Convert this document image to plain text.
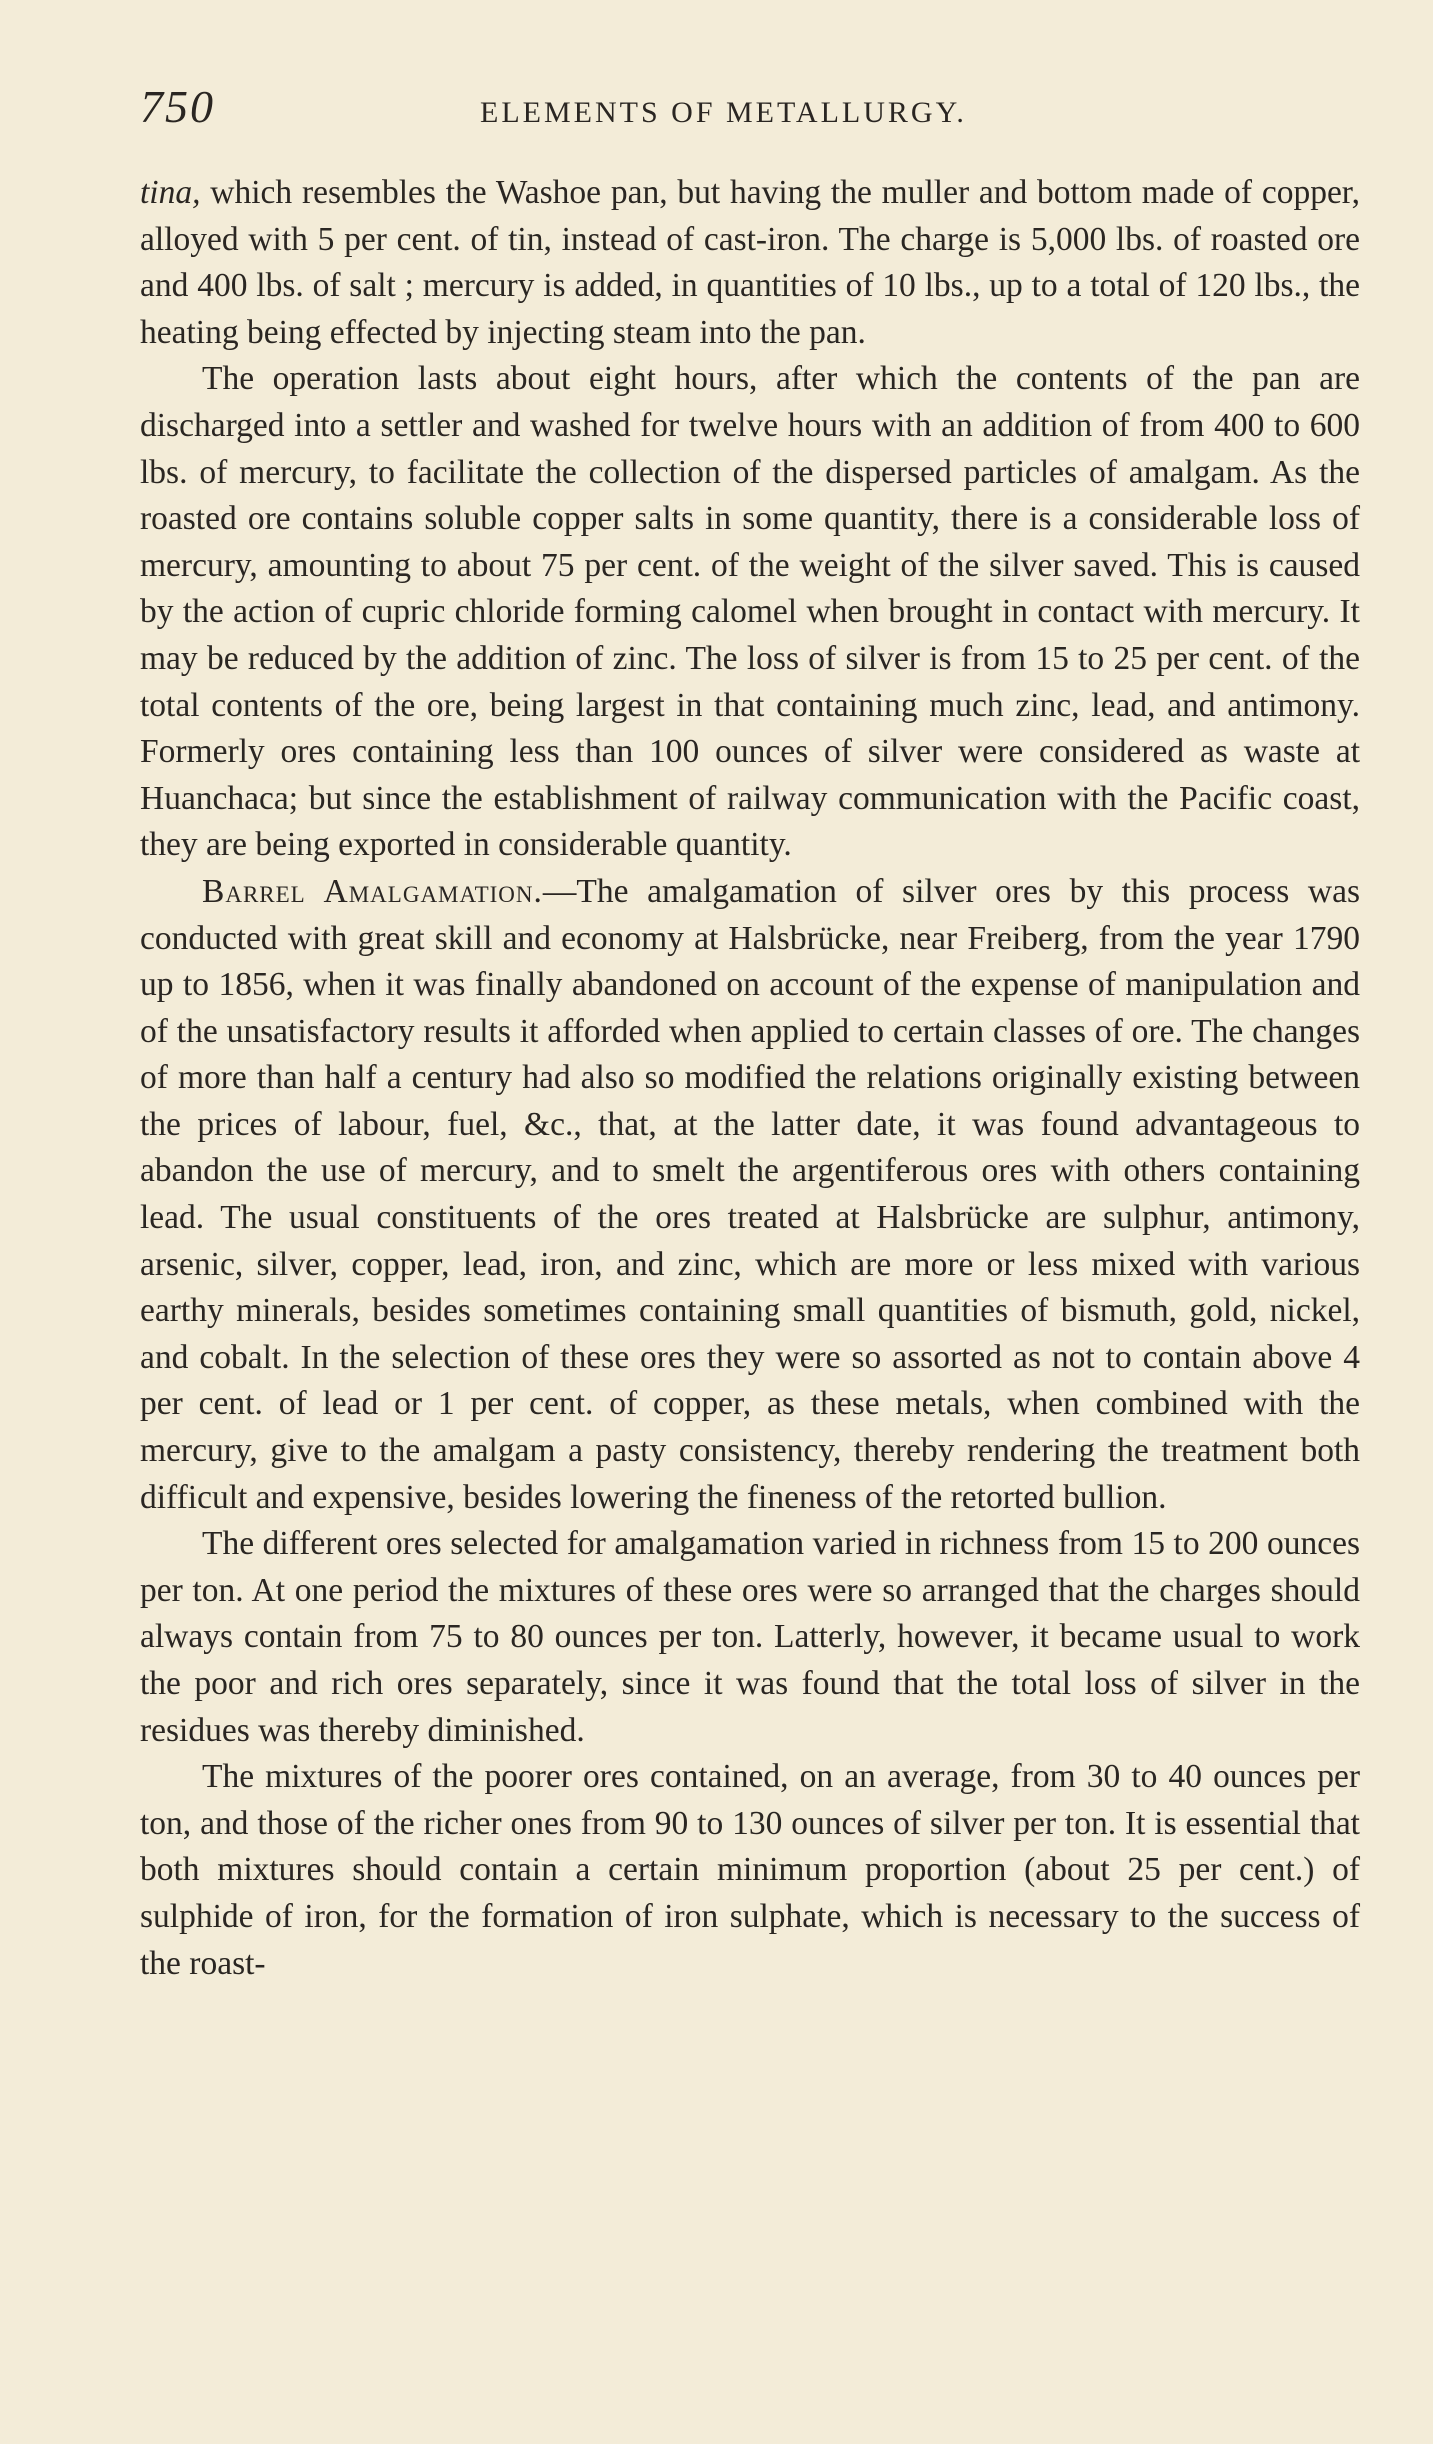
750	ELEMENTS OF METALLURGY.

tina, which resembles the Washoe pan, but having the muller and bottom made of copper, alloyed with 5 per cent. of tin, instead of cast-iron. The charge is 5,000 lbs. of roasted ore and 400 lbs. of salt ; mercury is added, in quantities of 10 lbs., up to a total of 120 lbs., the heating being effected by injecting steam into the pan.

The operation lasts about eight hours, after which the contents of the pan are discharged into a settler and washed for twelve hours with an addition of from 400 to 600 lbs. of mercury, to facilitate the collection of the dispersed particles of amalgam. As the roasted ore contains soluble copper salts in some quantity, there is a considerable loss of mercury, amounting to about 75 per cent. of the weight of the silver saved. This is caused by the action of cupric chloride forming calomel when brought in contact with mercury. It may be reduced by the addition of zinc. The loss of silver is from 15 to 25 per cent. of the total contents of the ore, being largest in that containing much zinc, lead, and antimony. Formerly ores containing less than 100 ounces of silver were considered as waste at Huanchaca; but since the establishment of railway communication with the Pacific coast, they are being exported in considerable quantity.

Barrel Amalgamation.—The amalgamation of silver ores by this process was conducted with great skill and economy at Halsbrücke, near Freiberg, from the year 1790 up to 1856, when it was finally abandoned on account of the expense of manipulation and of the unsatisfactory results it afforded when applied to certain classes of ore. The changes of more than half a century had also so modified the relations originally existing between the prices of labour, fuel, &c., that, at the latter date, it was found advantageous to abandon the use of mercury, and to smelt the argentiferous ores with others containing lead. The usual constituents of the ores treated at Halsbrücke are sulphur, antimony, arsenic, silver, copper, lead, iron, and zinc, which are more or less mixed with various earthy minerals, besides sometimes containing small quantities of bismuth, gold, nickel, and cobalt. In the selection of these ores they were so assorted as not to contain above 4 per cent. of lead or 1 per cent. of copper, as these metals, when combined with the mercury, give to the amalgam a pasty consistency, thereby rendering the treatment both difficult and expensive, besides lowering the fineness of the retorted bullion.

The different ores selected for amalgamation varied in richness from 15 to 200 ounces per ton. At one period the mixtures of these ores were so arranged that the charges should always contain from 75 to 80 ounces per ton. Latterly, however, it became usual to work the poor and rich ores separately, since it was found that the total loss of silver in the residues was thereby diminished.

The mixtures of the poorer ores contained, on an average, from 30 to 40 ounces per ton, and those of the richer ones from 90 to 130 ounces of silver per ton. It is essential that both mixtures should contain a certain minimum proportion (about 25 per cent.) of sulphide of iron, for the formation of iron sulphate, which is necessary to the success of the roast-
